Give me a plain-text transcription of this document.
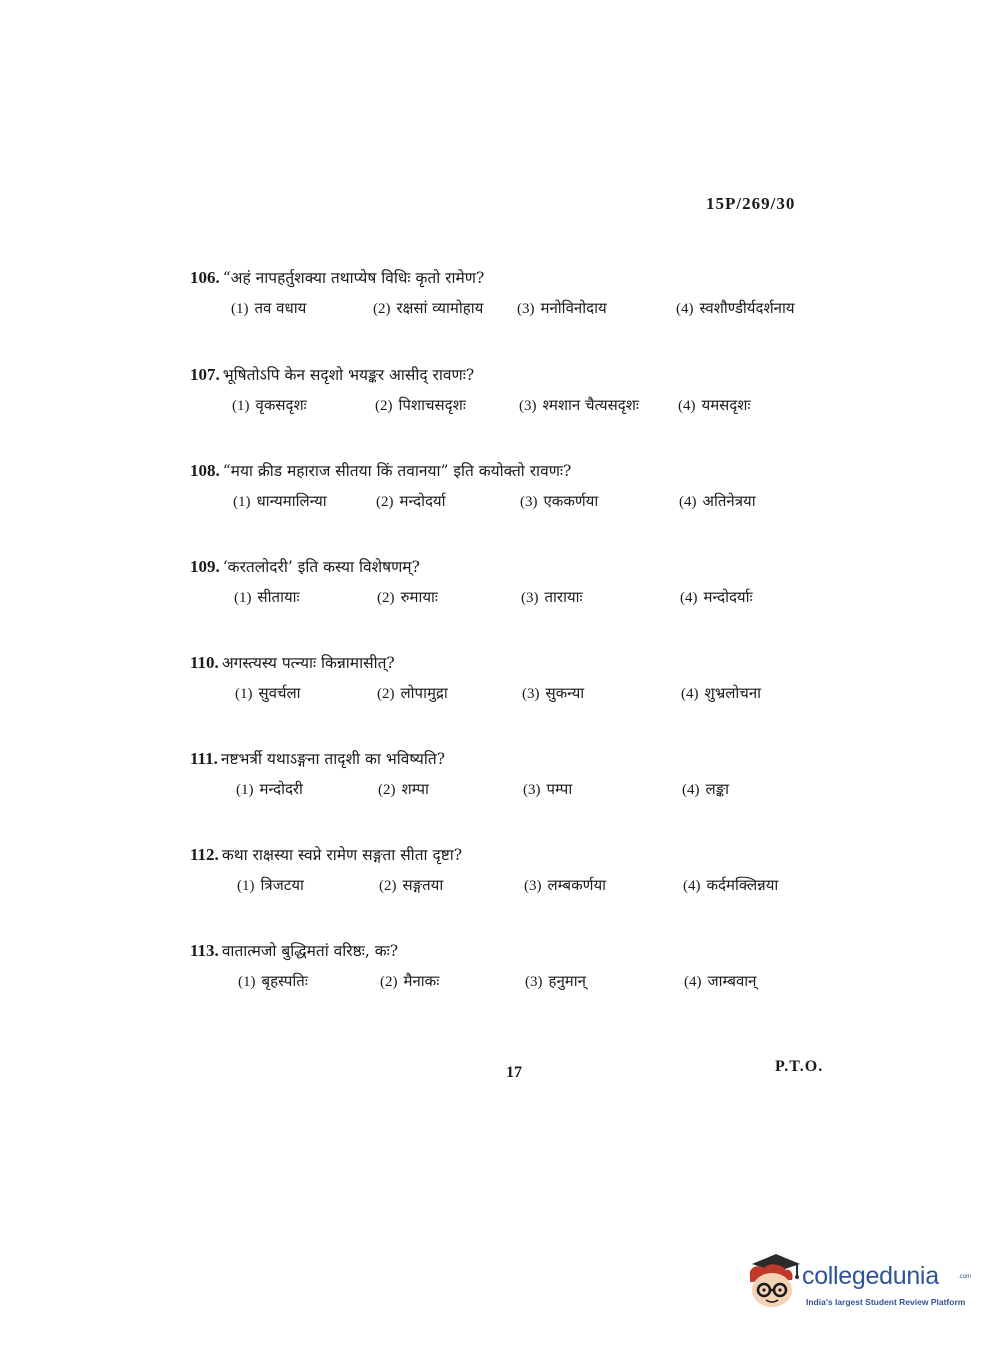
15P/269/30
106. “अहं नापहर्तुशक्या तथाप्येष विधिः कृतो रामेण?
(1) तव वधाय	(2) रक्षसां व्यामोहाय (3) मनोविनोदाय	(4) स्वशौण्डीर्यदर्शनाय
107. भूषितोऽपि केन सदृशो भयङ्कर आसीद् रावणः?
(1) वृकसदृशः	(2) पिशाचसदृशः	(3) श्मशान चैत्यसदृशः	(4) यमसदृशः
108. “मया क्रीड महाराज सीतया किं तवानया” इति कयोक्तो रावणः?
(1) धान्यमालिन्या	(2) मन्दोदर्या	(3) एककर्णया	(4) अतिनेत्रया
109. ‘करतलोदरी’ इति कस्या विशेषणम्?
(1) सीतायाः	(2) रुमायाः	(3) तारायाः	(4) मन्दोदर्याः
110. अगस्त्यस्य पत्न्याः किन्नामासीत्?
(1) सुवर्चला	(2) लोपामुद्रा	(3) सुकन्या	(4) शुभ्रलोचना
111. नष्टभर्त्री यथाऽङ्गना तादृशी का भविष्यति?
(1) मन्दोदरी	(2) शम्पा	(3) पम्पा	(4) लङ्का
112. कथा राक्षस्या स्वप्ने रामेण सङ्गता सीता दृष्टा?
(1) त्रिजटया	(2) सङ्गतया	(3) लम्बकर्णया	(4) कर्दमक्लिन्नया
113. वातात्मजो बुद्धिमतां वरिष्ठः, कः?
(1) बृहस्पतिः	(2) मैनाकः	(3) हनुमान्	(4) जाम्बवान्
17	P.T.O.
collegedunia	.com
India's largest Student Review Platform
